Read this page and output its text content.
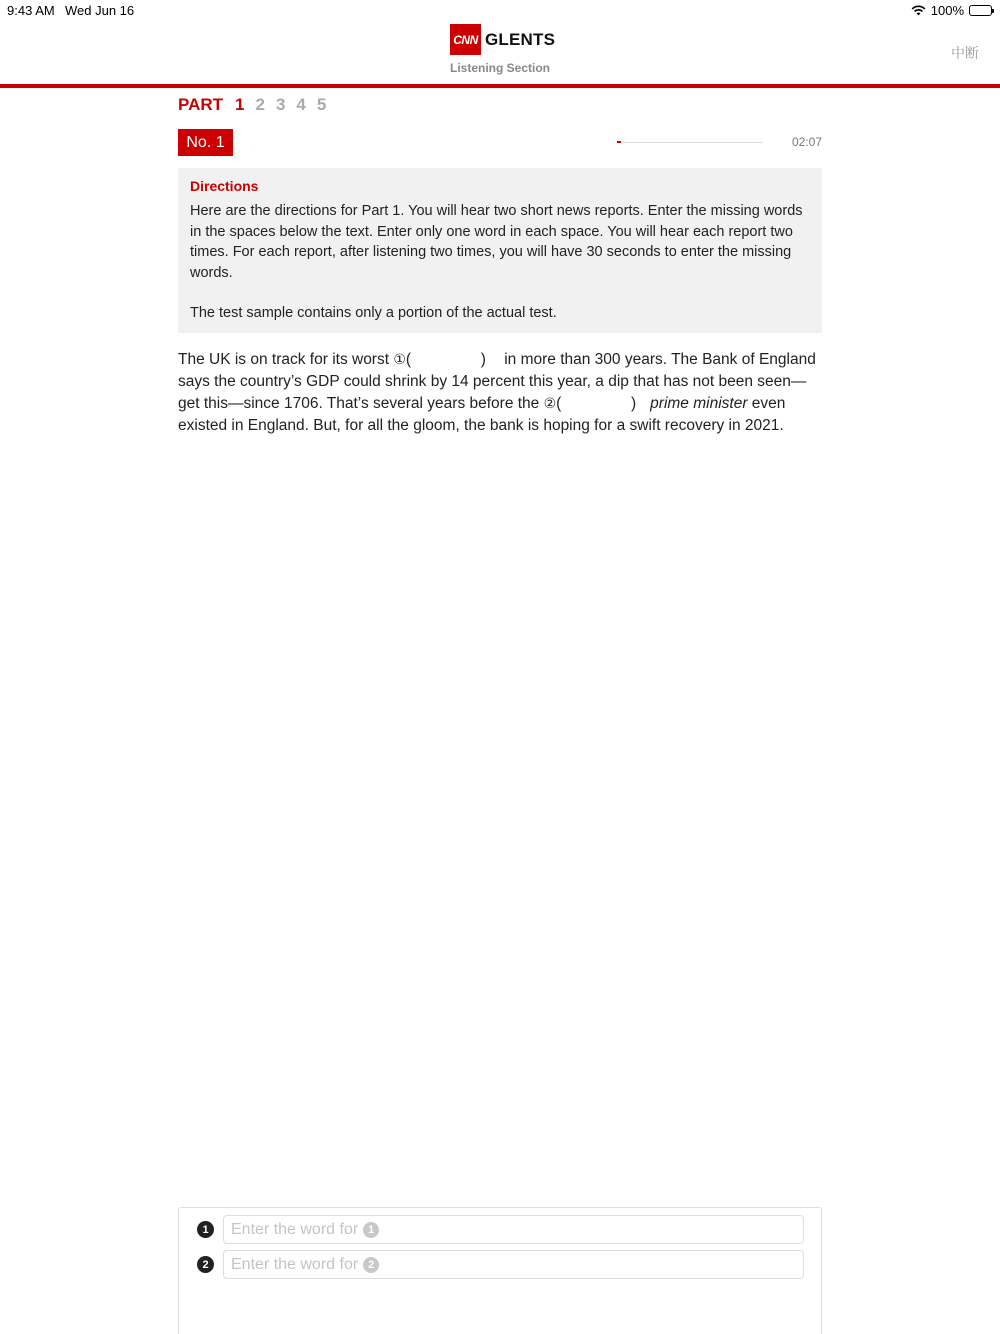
9:43 AM Wed Jun 16	100%
CNN GLENTS
Listening Section
中断
PART 1 2 3 4 5
No. 1	02:07
Directions
Here are the directions for Part 1. You will hear two short news reports. Enter the missing words in the spaces below the text. Enter only one word in each space. You will hear each report two times. For each report, after listening two times, you will have 30 seconds to enter the missing words.
The test sample contains only a portion of the actual test.
The UK is on track for its worst ①(	) in more than 300 years. The Bank of England says the country’s GDP could shrink by 14 percent this year, a dip that has not been seen—get this—since 1706. That’s several years before the ②(	) prime minister even existed in England. But, for all the gloom, the bank is hoping for a swift recovery in 2021.
1	Enter the word for 1
2	Enter the word for 2
